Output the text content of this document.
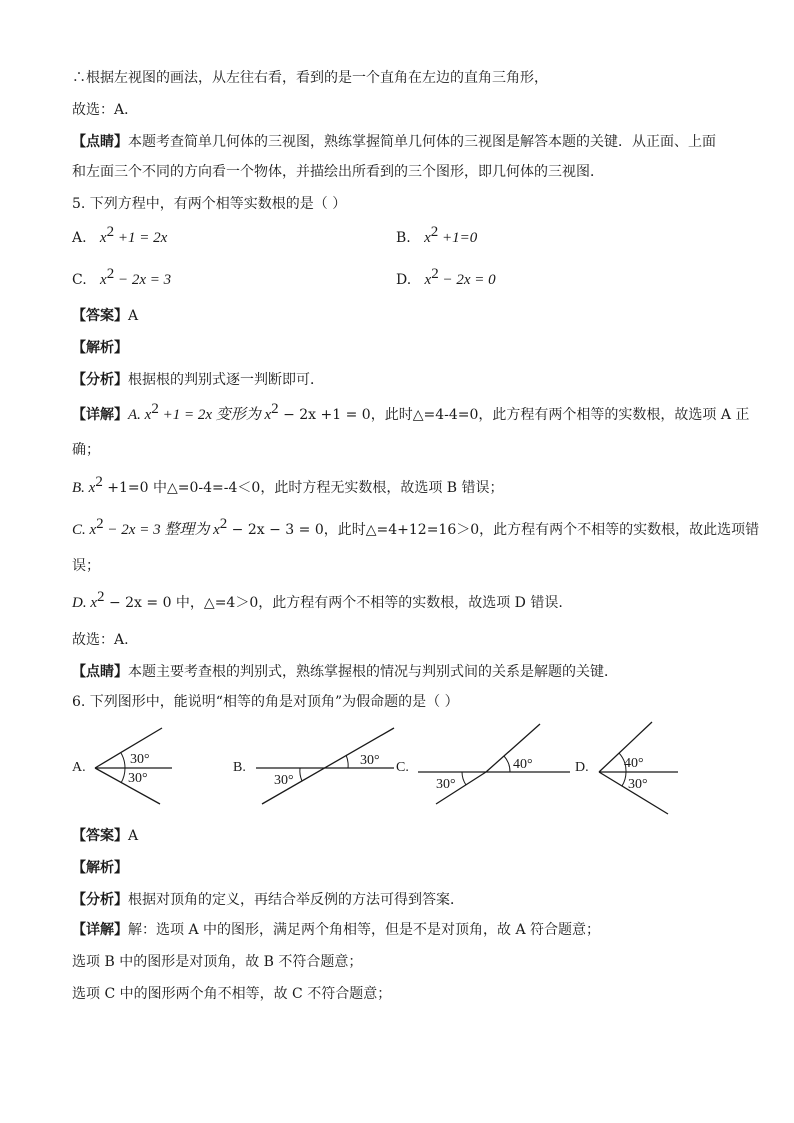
∴根据左视图的画法，从左往右看，看到的是一个直角在左边的直角三角形，
故选：A．
【点睛】本题考查简单几何体的三视图，熟练掌握简单几何体的三视图是解答本题的关键．从正面、上面
和左面三个不同的方向看一个物体，并描绘出所看到的三个图形，即几何体的三视图．
5. 下列方程中，有两个相等实数根的是（ ）
A. $x^2 +1 = 2x$	B. $x^2 +1=0$
C. $x^2 - 2x = 3$	D. $x^2 - 2x = 0$
【答案】A
【解析】
【分析】根据根的判别式逐一判断即可．
【详解】A. $x^2 +1 = 2x$ 变形为 $x^2 - 2x +1 = 0$，此时△=4-4=0，此方程有两个相等的实数根，故选项 A 正
确；
B. $x^2 +1=0$ 中△=0-4=-4＜0，此时方程无实数根，故选项 B 错误；
C. $x^2 - 2x = 3$ 整理为 $x^2 - 2x - 3 = 0$，此时△=4+12=16＞0，此方程有两个不相等的实数根，故此选项错
误；
D. $x^2 - 2x = 0$ 中，△=4＞0，此方程有两个不相等的实数根，故选项 D 错误.
故选：A.
【点睛】本题主要考查根的判别式，熟练掌握根的情况与判别式间的关系是解题的关键．
6. 下列图形中，能说明“相等的角是对顶角”为假命题的是（ ）
A.	B.	C.	D.
30°
30°
30°
30°
40°
30°
40°
30°
【答案】A
【解析】
【分析】根据对顶角的定义，再结合举反例的方法可得到答案．
【详解】解：选项 A 中的图形，满足两个角相等，但是不是对顶角，故 A 符合题意；
选项 B 中的图形是对顶角，故 B 不符合题意；
选项 C 中的图形两个角不相等，故 C 不符合题意；
